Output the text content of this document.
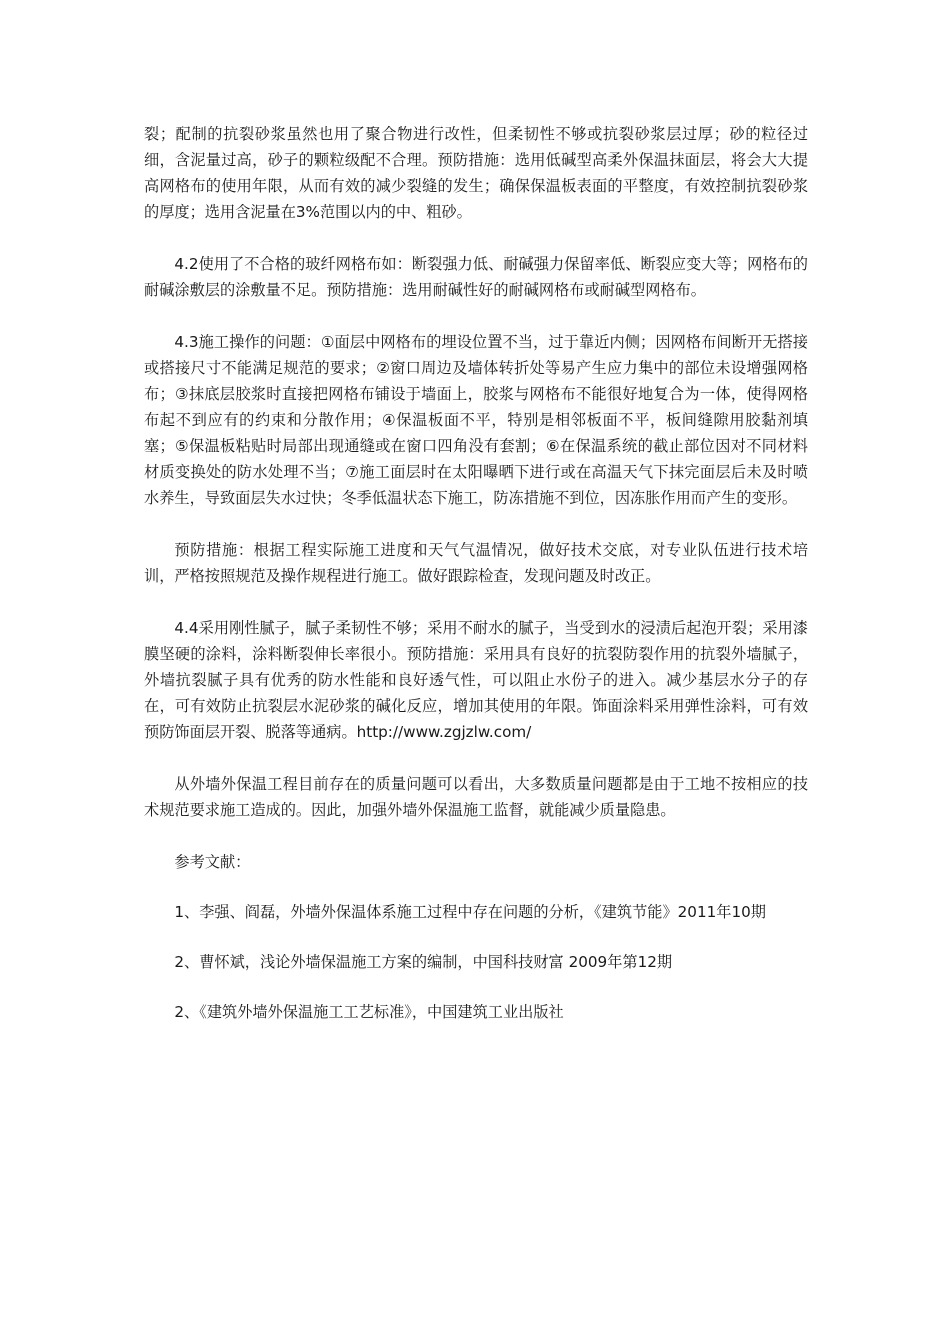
裂；配制的抗裂砂浆虽然也用了聚合物进行改性，但柔韧性不够或抗裂砂浆层过厚；砂的粒径过细，含泥量过高，砂子的颗粒级配不合理。预防措施：选用低碱型高柔外保温抹面层，将会大大提高网格布的使用年限，从而有效的减少裂缝的发生；确保保温板表面的平整度，有效控制抗裂砂浆的厚度；选用含泥量在3%范围以内的中、粗砂。

4.2使用了不合格的玻纤网格布如：断裂强力低、耐碱强力保留率低、断裂应变大等；网格布的耐碱涂敷层的涂敷量不足。预防措施：选用耐碱性好的耐碱网格布或耐碱型网格布。

4.3施工操作的问题：①面层中网格布的埋设位置不当，过于靠近内侧；因网格布间断开无搭接或搭接尺寸不能满足规范的要求；②窗口周边及墙体转折处等易产生应力集中的部位未设增强网格布；③抹底层胶浆时直接把网格布铺设于墙面上，胶浆与网格布不能很好地复合为一体，使得网格布起不到应有的约束和分散作用；④保温板面不平，特别是相邻板面不平，板间缝隙用胶黏剂填塞；⑤保温板粘贴时局部出现通缝或在窗口四角没有套割；⑥在保温系统的截止部位因对不同材料材质变换处的防水处理不当；⑦施工面层时在太阳曝晒下进行或在高温天气下抹完面层后未及时喷水养生，导致面层失水过快；冬季低温状态下施工，防冻措施不到位，因冻胀作用而产生的变形。

预防措施：根据工程实际施工进度和天气气温情况，做好技术交底，对专业队伍进行技术培训，严格按照规范及操作规程进行施工。做好跟踪检查，发现问题及时改正。

4.4采用刚性腻子，腻子柔韧性不够；采用不耐水的腻子，当受到水的浸渍后起泡开裂；采用漆膜坚硬的涂料，涂料断裂伸长率很小。预防措施：采用具有良好的抗裂防裂作用的抗裂外墙腻子，外墙抗裂腻子具有优秀的防水性能和良好透气性，可以阻止水份子的进入。减少基层水分子的存在，可有效防止抗裂层水泥砂浆的碱化反应，增加其使用的年限。饰面涂料采用弹性涂料，可有效预防饰面层开裂、脱落等通病。http://www.zgjzlw.com/

从外墙外保温工程目前存在的质量问题可以看出，大多数质量问题都是由于工地不按相应的技术规范要求施工造成的。因此，加强外墙外保温施工监督，就能减少质量隐患。

参考文献：

1、李强、阎磊，外墙外保温体系施工过程中存在问题的分析，《建筑节能》2011年10期

2、曹怀斌，浅论外墙保温施工方案的编制，中国科技财富 2009年第12期

2、《建筑外墙外保温施工工艺标准》，中国建筑工业出版社
